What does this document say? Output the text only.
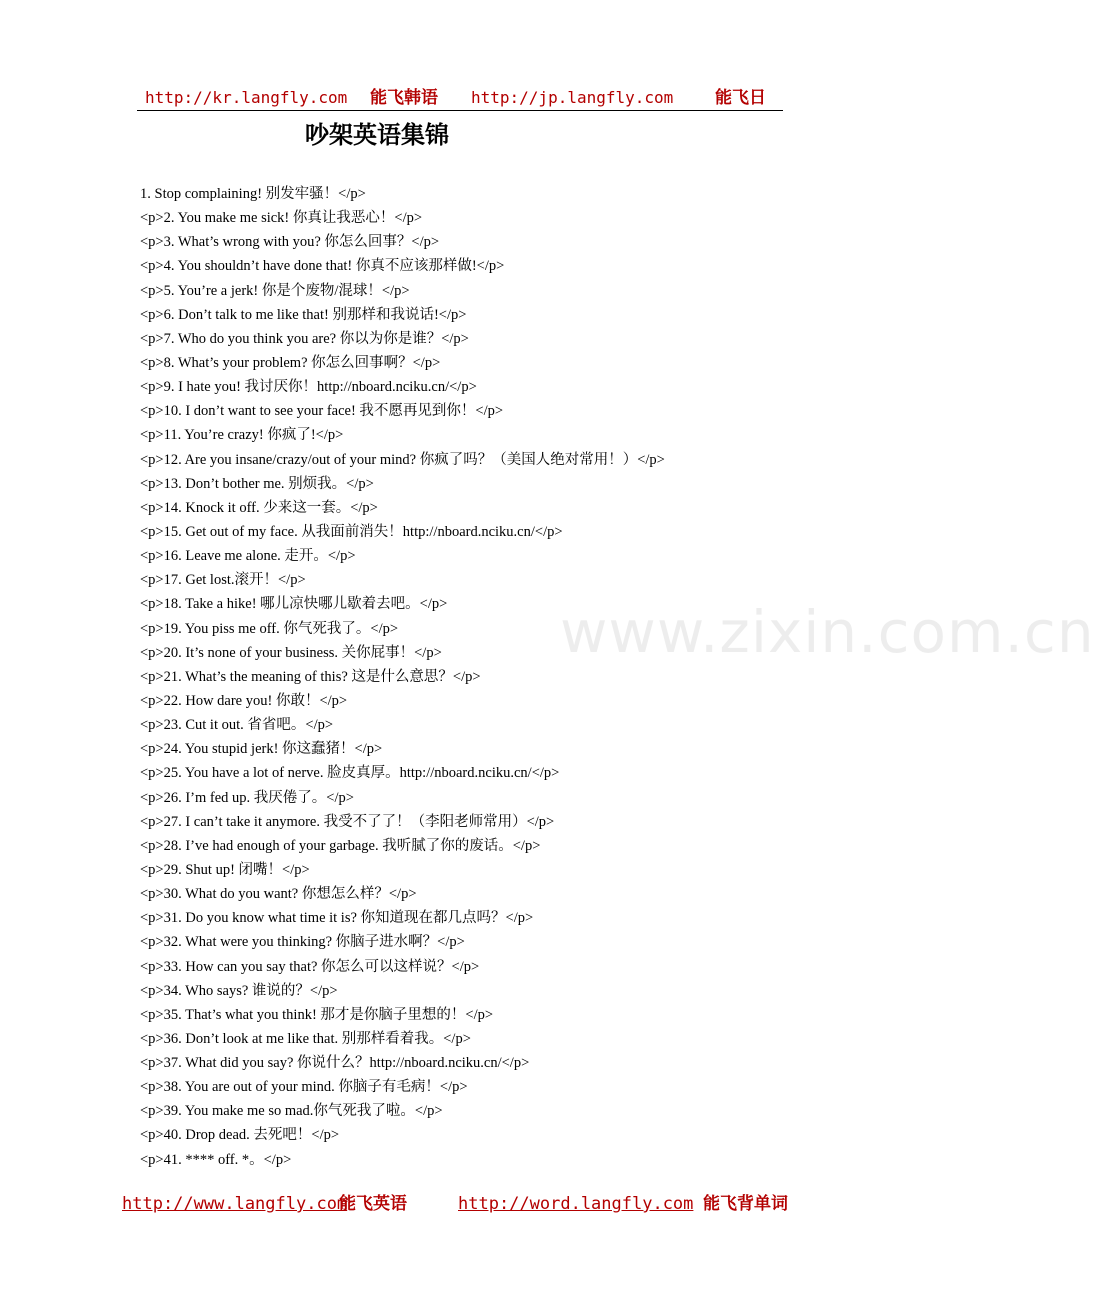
http://kr.langfly.com 能飞韩语 http://jp.langfly.com 能飞日
吵架英语集锦
www.zixin.com.cn
1. Stop complaining! 别发牢骚！</p>
<p>2. You make me sick! 你真让我恶心！</p>
<p>3. What’s wrong with you? 你怎么回事？</p>
<p>4. You shouldn’t have done that! 你真不应该那样做!</p>
<p>5. You’re a jerk! 你是个废物/混球！</p>
<p>6. Don’t talk to me like that! 别那样和我说话!</p>
<p>7. Who do you think you are? 你以为你是谁？</p>
<p>8. What’s your problem? 你怎么回事啊？</p>
<p>9. I hate you! 我讨厌你！http://nboard.nciku.cn/</p>
<p>10. I don’t want to see your face! 我不愿再见到你！</p>
<p>11. You’re crazy! 你疯了!</p>
<p>12. Are you insane/crazy/out of your mind? 你疯了吗？（美国人绝对常用！）</p>
<p>13. Don’t bother me. 别烦我。</p>
<p>14. Knock it off. 少来这一套。</p>
<p>15. Get out of my face. 从我面前消失！http://nboard.nciku.cn/</p>
<p>16. Leave me alone. 走开。</p>
<p>17. Get lost.滚开！</p>
<p>18. Take a hike! 哪儿凉快哪儿歇着去吧。</p>
<p>19. You piss me off. 你气死我了。</p>
<p>20. It’s none of your business. 关你屁事！</p>
<p>21. What’s the meaning of this? 这是什么意思？</p>
<p>22. How dare you! 你敢！</p>
<p>23. Cut it out. 省省吧。</p>
<p>24. You stupid jerk! 你这蠢猪！</p>
<p>25. You have a lot of nerve. 脸皮真厚。http://nboard.nciku.cn/</p>
<p>26. I’m fed up. 我厌倦了。</p>
<p>27. I can’t take it anymore. 我受不了了！（李阳老师常用）</p>
<p>28. I’ve had enough of your garbage. 我听腻了你的废话。</p>
<p>29. Shut up! 闭嘴！</p>
<p>30. What do you want? 你想怎么样？</p>
<p>31. Do you know what time it is? 你知道现在都几点吗？</p>
<p>32. What were you thinking? 你脑子进水啊？</p>
<p>33. How can you say that? 你怎么可以这样说？</p>
<p>34. Who says? 谁说的？</p>
<p>35. That’s what you think! 那才是你脑子里想的！</p>
<p>36. Don’t look at me like that. 别那样看着我。</p>
<p>37. What did you say? 你说什么？http://nboard.nciku.cn/</p>
<p>38. You are out of your mind. 你脑子有毛病！</p>
<p>39. You make me so mad.你气死我了啦。</p>
<p>40. Drop dead. 去死吧！</p>
<p>41. **** off. *。</p>
http://www.langfly.com
能飞英语	http://word.langfly.com 能飞背单词
